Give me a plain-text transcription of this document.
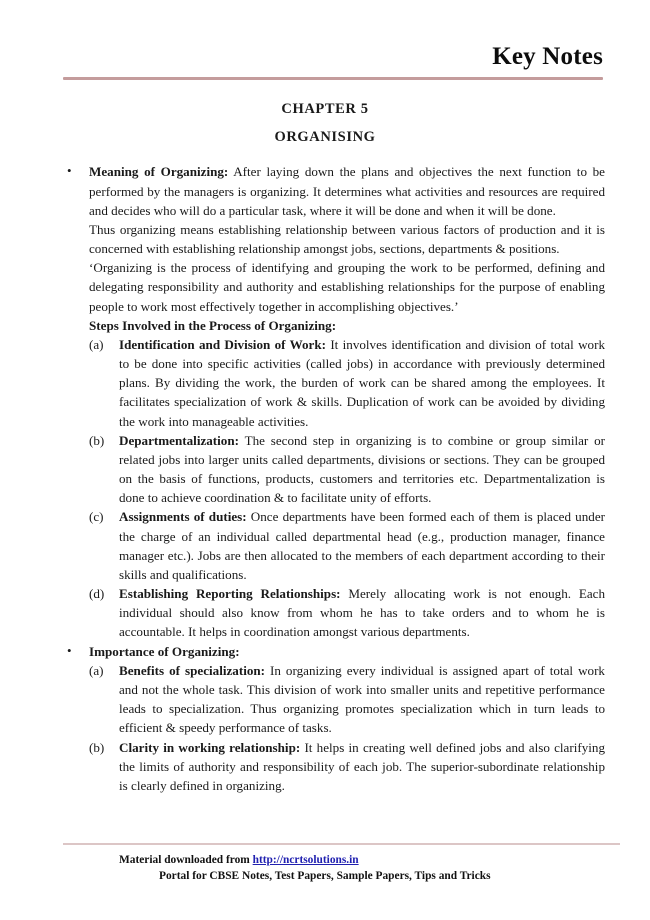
Key Notes
CHAPTER 5
ORGANISING
• Meaning of Organizing: After laying down the plans and objectives the next function to be performed by the managers is organizing. It determines what activities and resources are required and decides who will do a particular task, where it will be done and when it will be done.

Thus organizing means establishing relationship between various factors of production and it is concerned with establishing relationship amongst jobs, sections, departments & positions.

‘Organizing is the process of identifying and grouping the work to be performed, defining and delegating responsibility and authority and establishing relationships for the purpose of enabling people to work most effectively together in accomplishing objectives.’

Steps Involved in the Process of Organizing:

(a) Identification and Division of Work: It involves identification and division of total work to be done into specific activities (called jobs) in accordance with previously determined plans. By dividing the work, the burden of work can be shared among the employees. It facilitates specialization of work & skills. Duplication of work can be avoided by dividing the work into manageable activities.
(b) Departmentalization: The second step in organizing is to combine or group similar or related jobs into larger units called departments, divisions or sections. They can be grouped on the basis of functions, products, customers and territories etc. Departmentalization is done to achieve coordination & to facilitate unity of efforts.
(c) Assignments of duties: Once departments have been formed each of them is placed under the charge of an individual called departmental head (e.g., production manager, finance manager etc.). Jobs are then allocated to the members of each department according to their skills and qualifications.
(d) Establishing Reporting Relationships: Merely allocating work is not enough. Each individual should also know from whom he has to take orders and to whom he is accountable. It helps in coordination amongst various departments.
• Importance of Organizing:

(a) Benefits of specialization: In organizing every individual is assigned apart of total work and not the whole task. This division of work into smaller units and repetitive performance leads to specialization. Thus organizing promotes specialization which in turn leads to efficient & speedy performance of tasks.
(b) Clarity in working relationship: It helps in creating well defined jobs and also clarifying the limits of authority and responsibility of each job. The superior-subordinate relationship is clearly defined in organizing.
Material downloaded from http://ncrtsolutions.in
Portal for CBSE Notes, Test Papers, Sample Papers, Tips and Tricks
